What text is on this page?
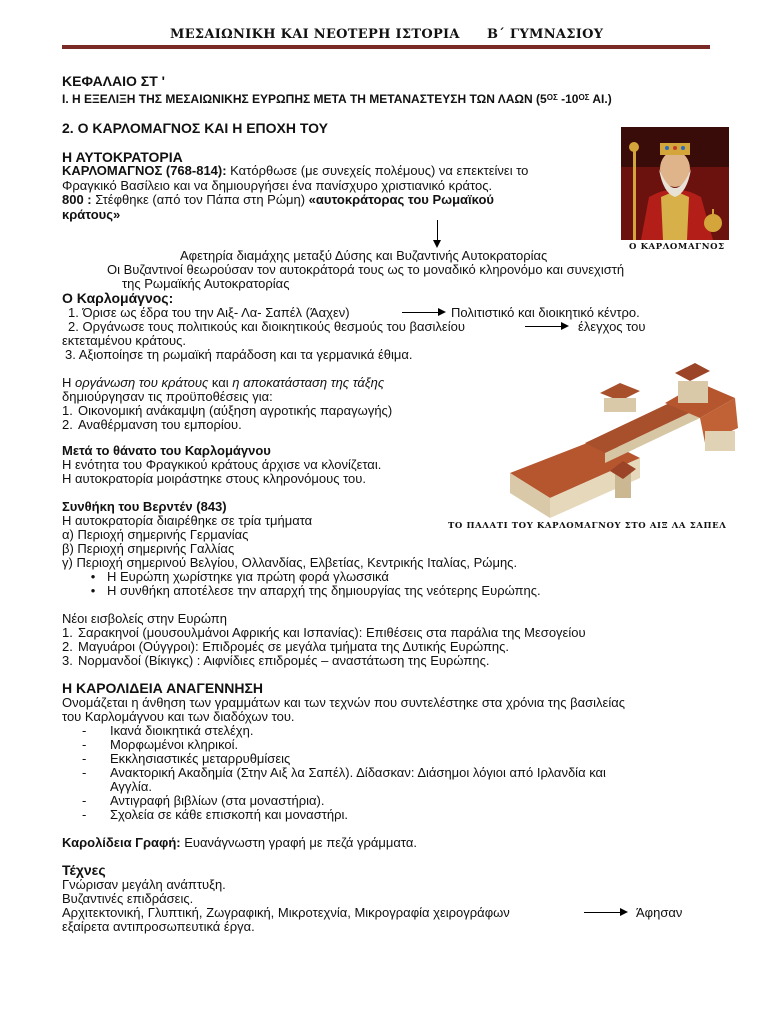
ΜΕΣΑΙΩΝΙΚΗ ΚΑΙ ΝΕΟΤΕΡΗ ΙΣΤΟΡΙΑ Β΄ ΓΥΜΝΑΣΙΟΥ
ΚΕΦΑΛΑΙΟ ΣΤ '
Ι. Η ΕΞΕΛΙΞΗ ΤΗΣ ΜΕΣΑΙΩΝΙΚΗΣ ΕΥΡΩΠΗΣ ΜΕΤΑ ΤΗ ΜΕΤΑΝΑΣΤΕΥΣΗ ΤΩΝ ΛΑΩΝ ($5^{O\Sigma}$ $-10^{O\Sigma}$ ΑΙ.)
2. Ο ΚΑΡΛΟΜΑΓΝΟΣ ΚΑΙ Η ΕΠΟΧΗ ΤΟΥ
Η ΑΥΤΟΚΡΑΤΟΡΙΑ
ΚΑΡΛΟΜΑΓΝΟΣ (768-814): Κατόρθωσε (με συνεχείς πολέμους) να επεκτείνει το
Φραγκικό Βασίλειο και να δημιουργήσει ένα πανίσχυρο χριστιανικό κράτος.
800 : Στέφθηκε (από τον Πάπα στη Ρώμη) «αυτοκράτορας του Ρωμαϊκού
κράτους»
Αφετηρία διαμάχης μεταξύ Δύσης και Βυζαντινής Αυτοκρατορίας
Οι Βυζαντινοί θεωρούσαν τον αυτοκράτορά τους ως το μοναδικό κληρονόμο και συνεχιστή
της Ρωμαϊκής Αυτοκρατορίας
Ο ΚΑΡΛΟΜΑΓΝΟΣ
Ο Καρλομάγνος:
1. Όρισε ως έδρα του την Αιξ- Λα- Σαπέλ (Άαχεν)	Πολιτιστικό και διοικητικό κέντρο.
2. Οργάνωσε τους πολιτικούς και διοικητικούς θεσμούς του βασιλείου	έλεγχος του
εκτεταμένου κράτους.
3. Αξιοποίησε τη ρωμαϊκή παράδοση και τα γερμανικά έθιμα.
ΤΟ ΠΑΛΑΤΙ ΤΟΥ ΚΑΡΛΟΜΑΓΝΟΥ ΣΤΟ ΑΙΞ ΛΑ ΣΑΠΕΛ
Η οργάνωση του κράτους και η αποκατάσταση της τάξης
δημιούργησαν τις προϋποθέσεις για:
1. Οικονομική ανάκαμψη (αύξηση αγροτικής παραγωγής)
2. Αναθέρμανση του εμπορίου.
Μετά το θάνατο του Καρλομάγνου
Η ενότητα του Φραγκικού κράτους άρχισε να κλονίζεται.
Η αυτοκρατορία μοιράστηκε στους κληρονόμους του.
Συνθήκη του Βερντέν (843)
Η αυτοκρατορία διαιρέθηκε σε τρία τμήματα
α) Περιοχή σημερινής Γερμανίας
β) Περιοχή σημερινής Γαλλίας
γ) Περιοχή σημερινού Βελγίου, Ολλανδίας, Ελβετίας, Κεντρικής Ιταλίας, Ρώμης.
• Η Ευρώπη χωρίστηκε για πρώτη φορά γλωσσικά
• Η συνθήκη αποτέλεσε την απαρχή της δημιουργίας της νεότερης Ευρώπης.
Νέοι εισβολείς στην Ευρώπη
1. Σαρακηνοί (μουσουλμάνοι Αφρικής και Ισπανίας): Επιθέσεις στα παράλια της Μεσογείου
2. Μαγυάροι (Ούγγροι): Επιδρομές σε μεγάλα τμήματα της Δυτικής Ευρώπης.
3. Νορμανδοί (Βίκιγκς) : Αιφνίδιες επιδρομές – αναστάτωση της Ευρώπης.
Η ΚΑΡΟΛΙΔΕΙΑ ΑΝΑΓΕΝΝΗΣΗ
Ονομάζεται η άνθηση των γραμμάτων και των τεχνών που συντελέστηκε στα χρόνια της βασιλείας
του Καρλομάγνου και των διαδόχων του.
- Ικανά διοικητικά στελέχη.
- Μορφωμένοι κληρικοί.
- Εκκλησιαστικές μεταρρυθμίσεις
- Ανακτορική Ακαδημία (Στην Αιξ λα Σαπέλ). Δίδασκαν: Διάσημοι λόγιοι από Ιρλανδία και
Αγγλία.
- Αντιγραφή βιβλίων (στα μοναστήρια).
- Σχολεία σε κάθε επισκοπή και μοναστήρι.
Καρολίδεια Γραφή: Ευανάγνωστη γραφή με πεζά γράμματα.
Τέχνες
Γνώρισαν μεγάλη ανάπτυξη.
Βυζαντινές επιδράσεις.
Αρχιτεκτονική, Γλυπτική, Ζωγραφική, Μικροτεχνία, Μικρογραφία χειρογράφων	Άφησαν
εξαίρετα αντιπροσωπευτικά έργα.
